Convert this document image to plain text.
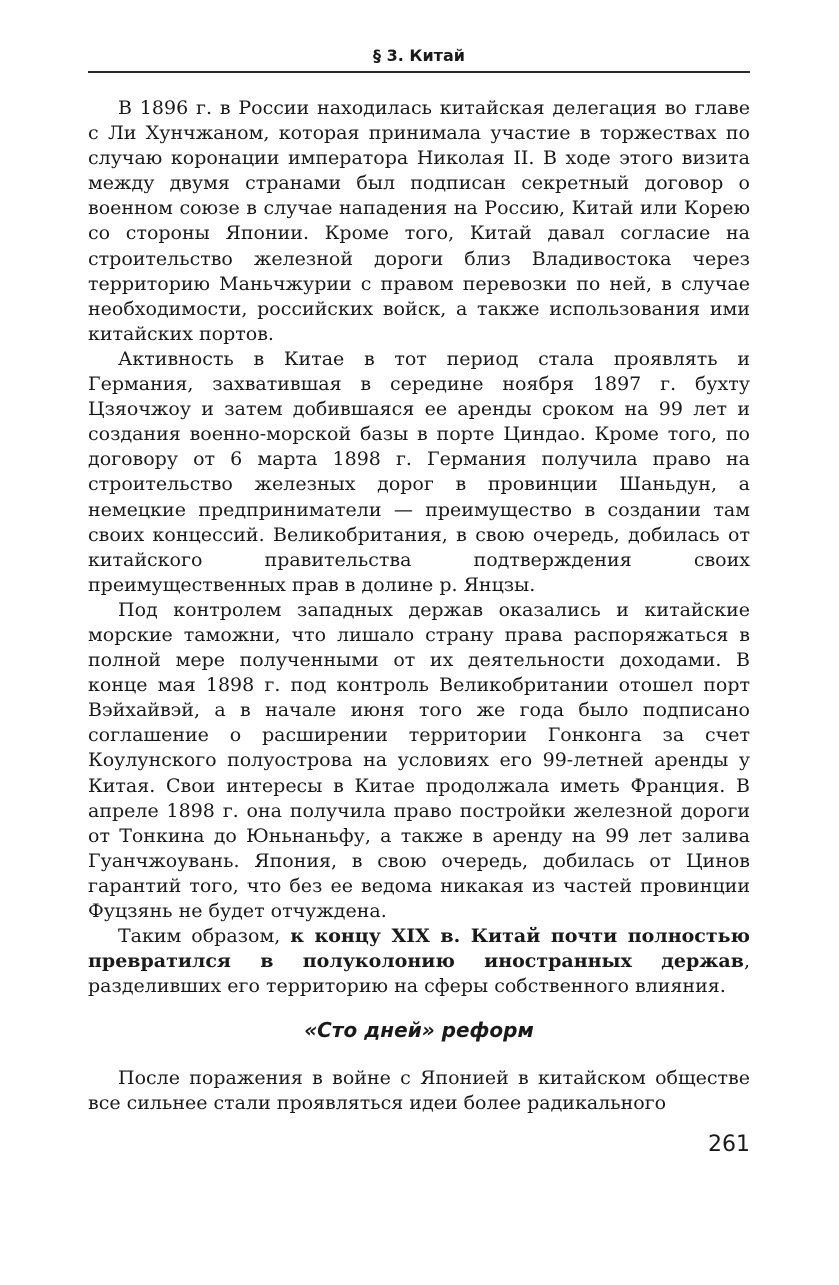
§ 3. Китай

В 1896 г. в России находилась китайская делегация во главе с Ли Хунчжаном, которая принимала участие в торжествах по случаю коронации императора Николая II. В ходе этого визита между двумя странами был подписан секретный договор о военном союзе в случае нападения на Россию, Китай или Корею со стороны Японии. Кроме того, Китай давал согласие на строительство железной дороги близ Владивостока через территорию Маньчжурии с правом перевозки по ней, в случае необходимости, российских войск, а также использования ими китайских портов.

Активность в Китае в тот период стала проявлять и Германия, захватившая в середине ноября 1897 г. бухту Цзяочжоу и затем добившаяся ее аренды сроком на 99 лет и создания военно-морской базы в порте Циндао. Кроме того, по договору от 6 марта 1898 г. Германия получила право на строительство железных дорог в провинции Шаньдун, а немецкие предприниматели — преимущество в создании там своих концессий. Великобритания, в свою очередь, добилась от китайского правительства подтверждения своих преимущественных прав в долине р. Янцзы.

Под контролем западных держав оказались и китайские морские таможни, что лишало страну права распоряжаться в полной мере полученными от их деятельности доходами. В конце мая 1898 г. под контроль Великобритании отошел порт Вэйхайвэй, а в начале июня того же года было подписано соглашение о расширении территории Гонконга за счет Коулунского полуострова на условиях его 99-летней аренды у Китая. Свои интересы в Китае продолжала иметь Франция. В апреле 1898 г. она получила право постройки железной дороги от Тонкина до Юньнаньфу, а также в аренду на 99 лет залива Гуанчжоувань. Япония, в свою очередь, добилась от Цинов гарантий того, что без ее ведома никакая из частей провинции Фуцзянь не будет отчуждена.

Таким образом, к концу XIX в. Китай почти полностью превратился в полуколонию иностранных держав, разделивших его территорию на сферы собственного влияния.

«Сто дней» реформ

После поражения в войне с Японией в китайском обществе все сильнее стали проявляться идеи более радикального

261
